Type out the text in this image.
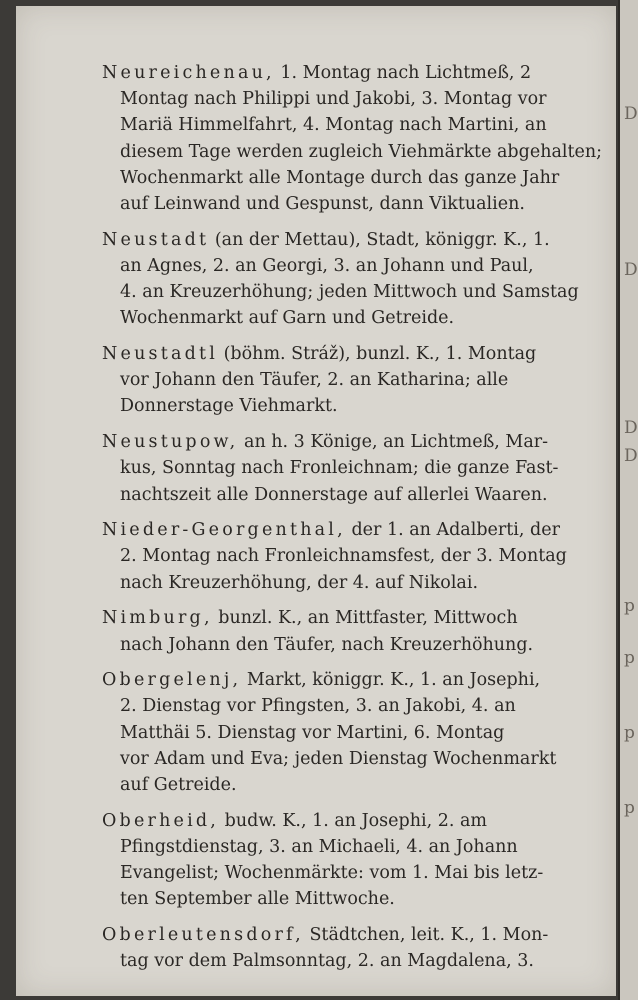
D
D
D
D
p
p
p
p
Neureichenau, 1. Montag nach Lichtmeß, 2
Montag nach Philippi und Jakobi, 3. Montag vor
Mariä Himmelfahrt, 4. Montag nach Martini, an
diesem Tage werden zugleich Viehmärkte abgehalten;
Wochenmarkt alle Montage durch das ganze Jahr
auf Leinwand und Gespunst, dann Viktualien.
Neustadt (an der Mettau), Stadt, königgr. K., 1.
an Agnes, 2. an Georgi, 3. an Johann und Paul,
4. an Kreuzerhöhung; jeden Mittwoch und Samstag
Wochenmarkt auf Garn und Getreide.
Neustadtl (böhm. Stráž), bunzl. K., 1. Montag
vor Johann den Täufer, 2. an Katharina; alle
Donnerstage Viehmarkt.
Neustupow, an h. 3 Könige, an Lichtmeß, Mar-
kus, Sonntag nach Fronleichnam; die ganze Fast-
nachtszeit alle Donnerstage auf allerlei Waaren.
Nieder-Georgenthal, der 1. an Adalberti, der
2. Montag nach Fronleichnamsfest, der 3. Montag
nach Kreuzerhöhung, der 4. auf Nikolai.
Nimburg, bunzl. K., an Mittfaster, Mittwoch
nach Johann den Täufer, nach Kreuzerhöhung.
Obergelenj, Markt, königgr. K., 1. an Josephi,
2. Dienstag vor Pfingsten, 3. an Jakobi, 4. an
Matthäi 5. Dienstag vor Martini, 6. Montag
vor Adam und Eva; jeden Dienstag Wochenmarkt
auf Getreide.
Oberheid, budw. K., 1. an Josephi, 2. am
Pfingstdienstag, 3. an Michaeli, 4. an Johann
Evangelist; Wochenmärkte: vom 1. Mai bis letz-
ten September alle Mittwoche.
Oberleutensdorf, Städtchen, leit. K., 1. Mon-
tag vor dem Palmsonntag, 2. an Magdalena, 3.
